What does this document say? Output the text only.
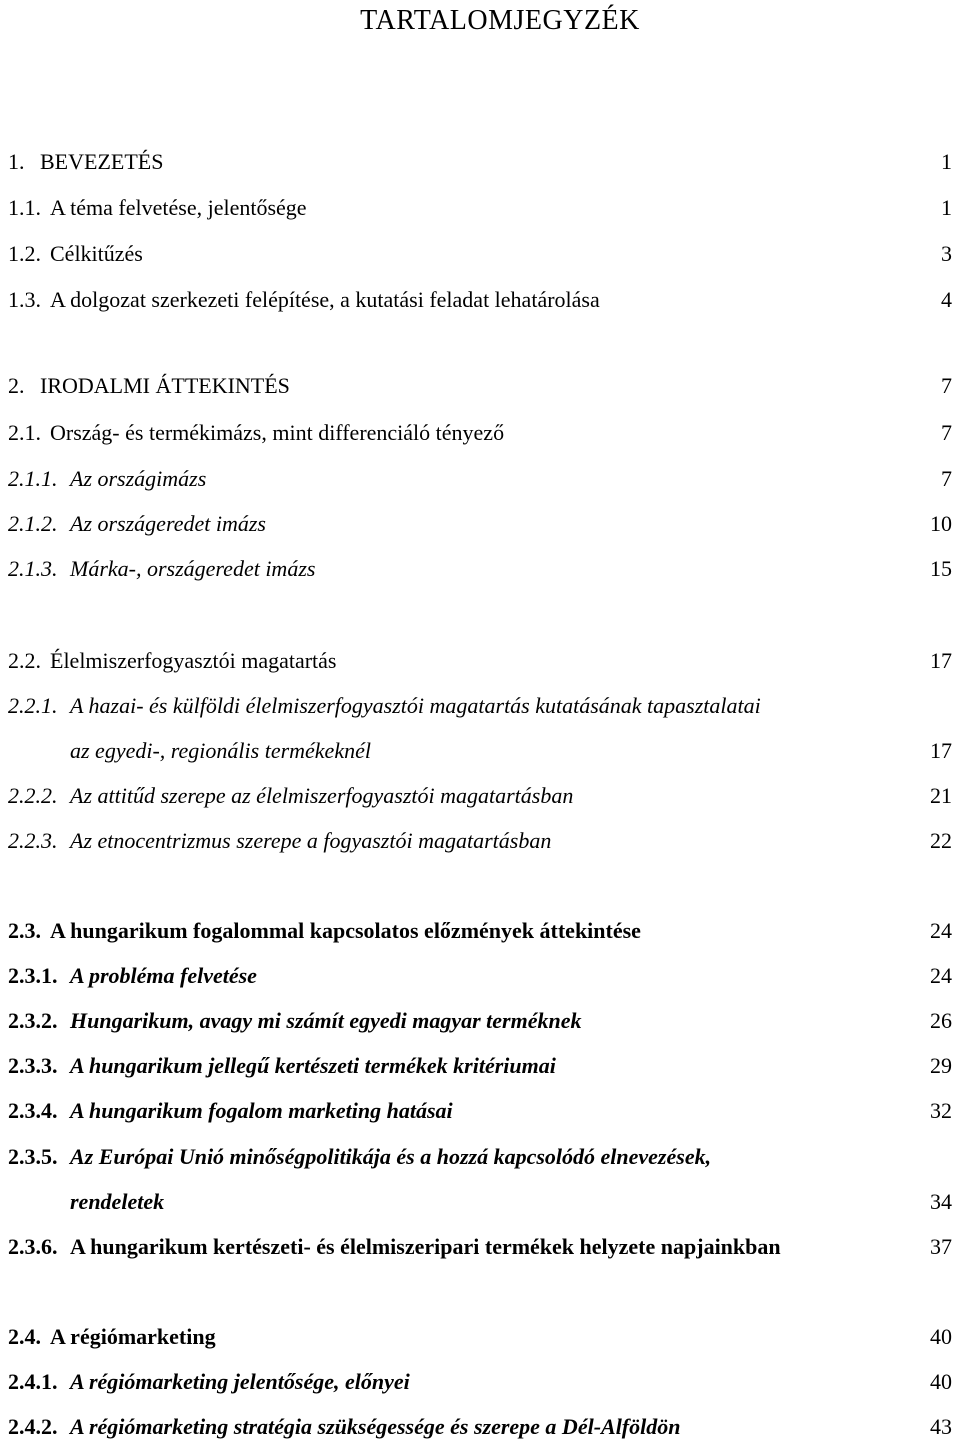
TARTALOMJEGYZÉK
1. BEVEZETÉS	1
1.1. A téma felvetése, jelentősége	1
1.2. Célkitűzés	3
1.3. A dolgozat szerkezeti felépítése, a kutatási feladat lehatárolása	4
2. IRODALMI ÁTTEKINTÉS	7
2.1. Ország- és termékimázs, mint differenciáló tényező	7
2.1.1. Az országimázs	7
2.1.2. Az országeredet imázs	10
2.1.3. Márka-, országeredet imázs	15
2.2. Élelmiszerfogyasztói magatartás	17
2.2.1. A hazai- és külföldi élelmiszerfogyasztói magatartás kutatásának tapasztalatai
az egyedi-, regionális termékeknél	17
2.2.2. Az attitűd szerepe az élelmiszerfogyasztói magatartásban	21
2.2.3. Az etnocentrizmus szerepe a fogyasztói magatartásban	22
2.3. A hungarikum fogalommal kapcsolatos előzmények áttekintése	24
2.3.1. A probléma felvetése	24
2.3.2. Hungarikum, avagy mi számít egyedi magyar terméknek	26
2.3.3. A hungarikum jellegű kertészeti termékek kritériumai	29
2.3.4. A hungarikum fogalom marketing hatásai	32
2.3.5. Az Európai Unió minőségpolitikája és a hozzá kapcsolódó elnevezések,
rendeletek	34
2.3.6. A hungarikum kertészeti- és élelmiszeripari termékek helyzete napjainkban	37
2.4. A régiómarketing	40
2.4.1. A régiómarketing jelentősége, előnyei	40
2.4.2. A régiómarketing stratégia szükségessége és szerepe a Dél-Alföldön	43
